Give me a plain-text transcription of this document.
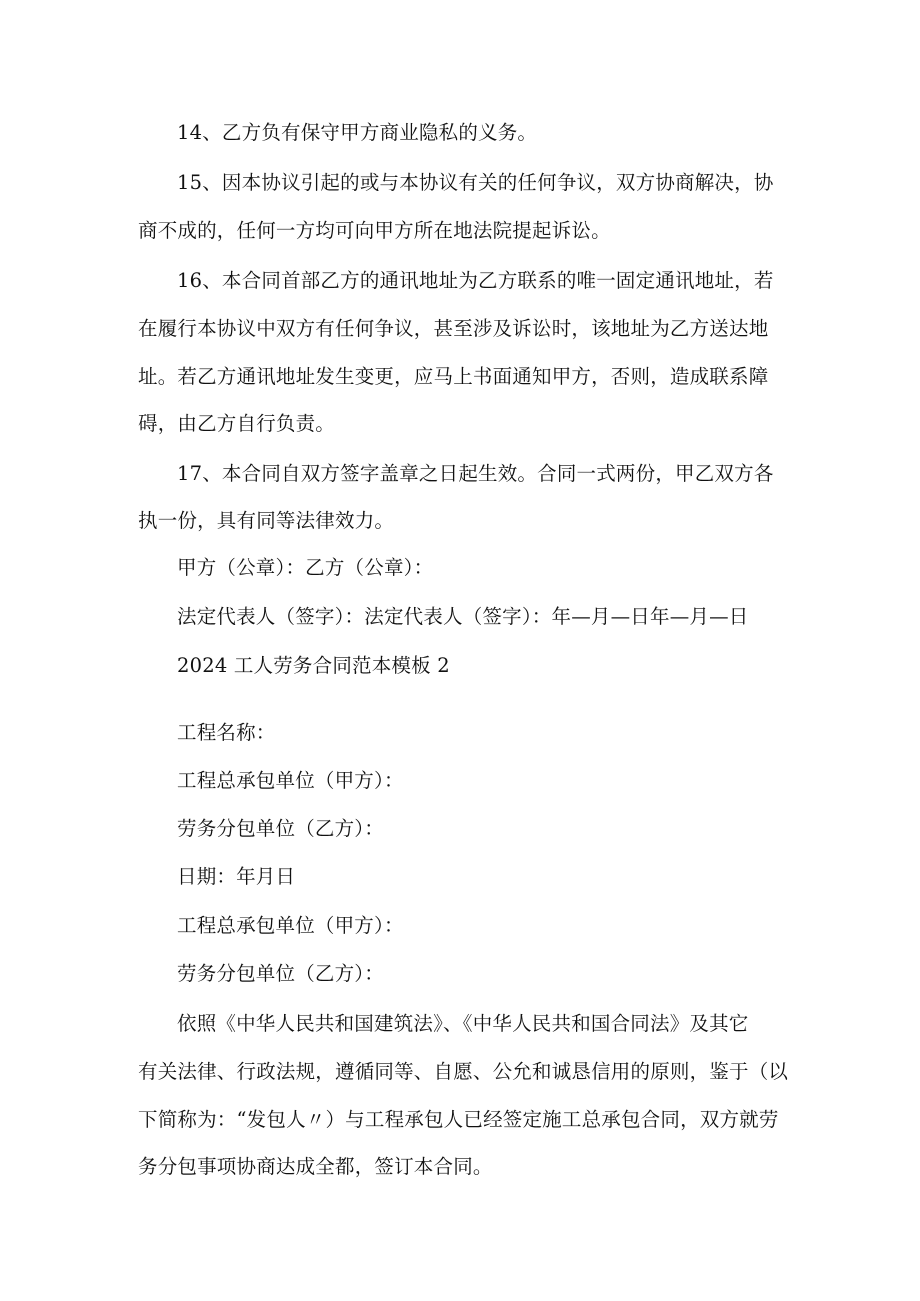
14、乙方负有保守甲方商业隐私的义务。
15、因本协议引起的或与本协议有关的任何争议，双方协商解决，协
商不成的，任何一方均可向甲方所在地法院提起诉讼。
16、本合同首部乙方的通讯地址为乙方联系的唯一固定通讯地址，若
在履行本协议中双方有任何争议，甚至涉及诉讼时，该地址为乙方送达地
址。若乙方通讯地址发生变更，应马上书面通知甲方，否则，造成联系障
碍，由乙方自行负责。
17、本合同自双方签字盖章之日起生效。合同一式两份，甲乙双方各
执一份，具有同等法律效力。
甲方（公章）：乙方（公章）：
法定代表人（签字）：法定代表人（签字）：年—月—日年—月—日
2024 工人劳务合同范本模板 2
工程名称：
工程总承包单位（甲方）：
劳务分包单位（乙方）：
日期：年月日
工程总承包单位（甲方）：
劳务分包单位（乙方）：
依照《中华人民共和国建筑法》、《中华人民共和国合同法》及其它
有关法律、行政法规，遵循同等、自愿、公允和诚恳信用的原则，鉴于（以
下简称为：“发包人〃）与工程承包人已经签定施工总承包合同，双方就劳
务分包事项协商达成全都，签订本合同。
